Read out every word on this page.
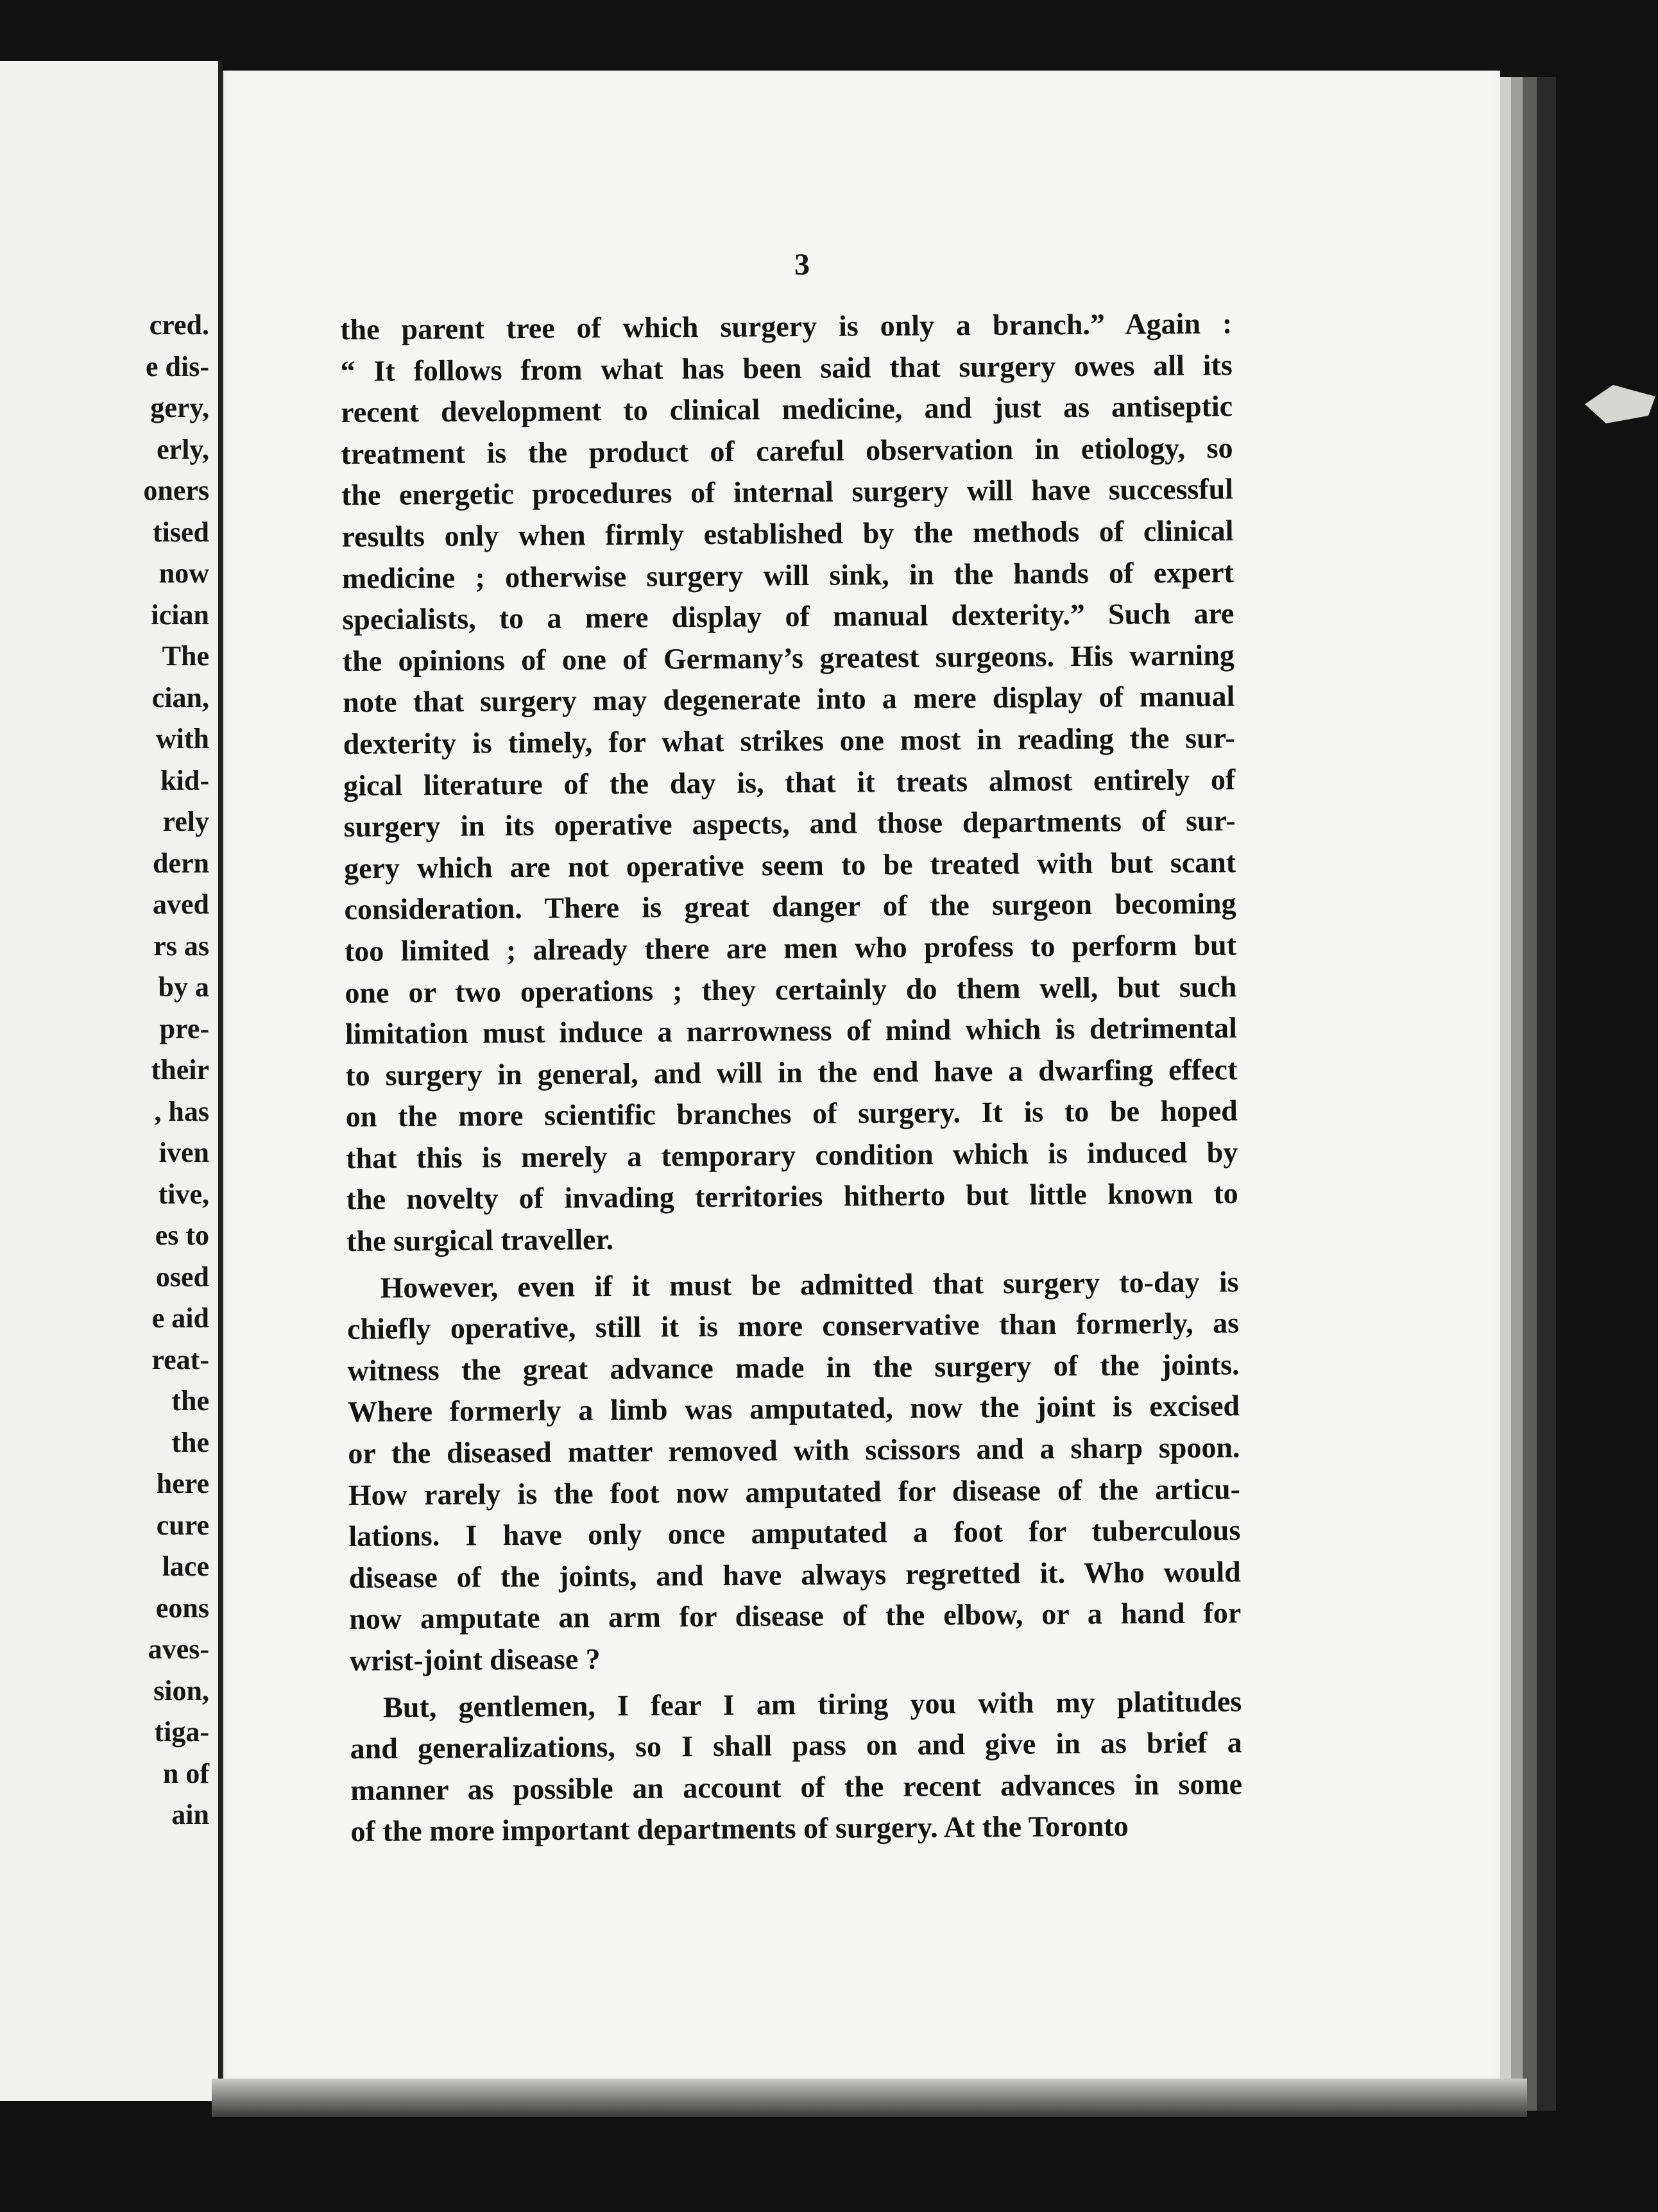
cred.
e dis-
gery,
erly,
oners
tised
now
ician
The
cian,
with
kid-
rely
dern
aved
rs as
by a
pre-
their
, has
iven
tive,
es to
osed
e aid
reat-
the
the
here
cure
lace
eons
aves-
sion,
tiga-
n of
ain
3
the parent tree of which surgery is only a branch.” Again :
“ It follows from what has been said that surgery owes all its
recent development to clinical medicine, and just as antiseptic
treatment is the product of careful observation in etiology, so
the energetic procedures of internal surgery will have successful
results only when firmly established by the methods of clinical
medicine ; otherwise surgery will sink, in the hands of expert
specialists, to a mere display of manual dexterity.” Such are
the opinions of one of Germany’s greatest surgeons. His warning
note that surgery may degenerate into a mere display of manual
dexterity is timely, for what strikes one most in reading the sur-
gical literature of the day is, that it treats almost entirely of
surgery in its operative aspects, and those departments of sur-
gery which are not operative seem to be treated with but scant
consideration. There is great danger of the surgeon becoming
too limited ; already there are men who profess to perform but
one or two operations ; they certainly do them well, but such
limitation must induce a narrowness of mind which is detrimental
to surgery in general, and will in the end have a dwarfing effect
on the more scientific branches of surgery. It is to be hoped
that this is merely a temporary condition which is induced by
the novelty of invading territories hitherto but little known to
the surgical traveller.
However, even if it must be admitted that surgery to-day is
chiefly operative, still it is more conservative than formerly, as
witness the great advance made in the surgery of the joints.
Where formerly a limb was amputated, now the joint is excised
or the diseased matter removed with scissors and a sharp spoon.
How rarely is the foot now amputated for disease of the articu-
lations. I have only once amputated a foot for tuberculous
disease of the joints, and have always regretted it. Who would
now amputate an arm for disease of the elbow, or a hand for
wrist-joint disease ?
But, gentlemen, I fear I am tiring you with my platitudes
and generalizations, so I shall pass on and give in as brief a
manner as possible an account of the recent advances in some
of the more important departments of surgery. At the Toronto
